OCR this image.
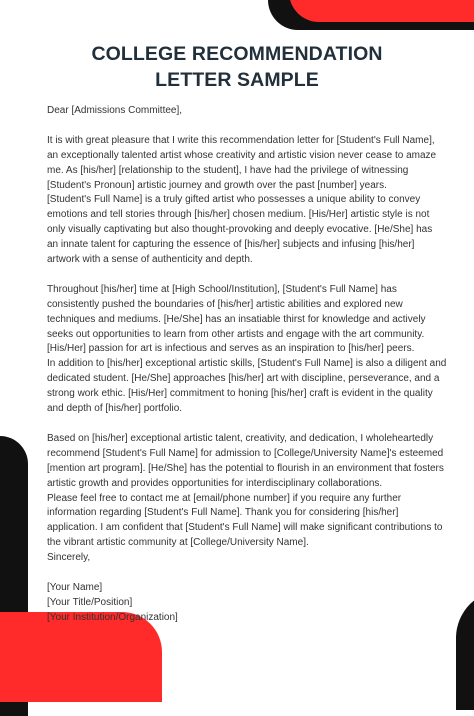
COLLEGE RECOMMENDATION
LETTER SAMPLE

Dear [Admissions Committee],

It is with great pleasure that I write this recommendation letter for [Student's Full Name],

an exceptionally talented artist whose creativity and artistic vision never cease to amaze

me. As [his/her] [relationship to the student], I have had the privilege of witnessing

[Student's Pronoun] artistic journey and growth over the past [number] years.

[Student's Full Name] is a truly gifted artist who possesses a unique ability to convey

emotions and tell stories through [his/her] chosen medium. [His/Her] artistic style is not

only visually captivating but also thought-provoking and deeply evocative. [He/She] has

an innate talent for capturing the essence of [his/her] subjects and infusing [his/her]

artwork with a sense of authenticity and depth.

Throughout [his/her] time at [High School/Institution], [Student's Full Name] has

consistently pushed the boundaries of [his/her] artistic abilities and explored new

techniques and mediums. [He/She] has an insatiable thirst for knowledge and actively

seeks out opportunities to learn from other artists and engage with the art community.

[His/Her] passion for art is infectious and serves as an inspiration to [his/her] peers.

In addition to [his/her] exceptional artistic skills, [Student's Full Name] is also a diligent and

dedicated student. [He/She] approaches [his/her] art with discipline, perseverance, and a

strong work ethic. [His/Her] commitment to honing [his/her] craft is evident in the quality

and depth of [his/her] portfolio.

Based on [his/her] exceptional artistic talent, creativity, and dedication, I wholeheartedly

recommend [Student's Full Name] for admission to [College/University Name]'s esteemed

[mention art program]. [He/She] has the potential to flourish in an environment that fosters

artistic growth and provides opportunities for interdisciplinary collaborations.

Please feel free to contact me at [email/phone number] if you require any further

information regarding [Student's Full Name]. Thank you for considering [his/her]

application. I am confident that [Student's Full Name] will make significant contributions to

the vibrant artistic community at [College/University Name].

Sincerely,

[Your Name]

[Your Title/Position]

[Your Institution/Organization]
